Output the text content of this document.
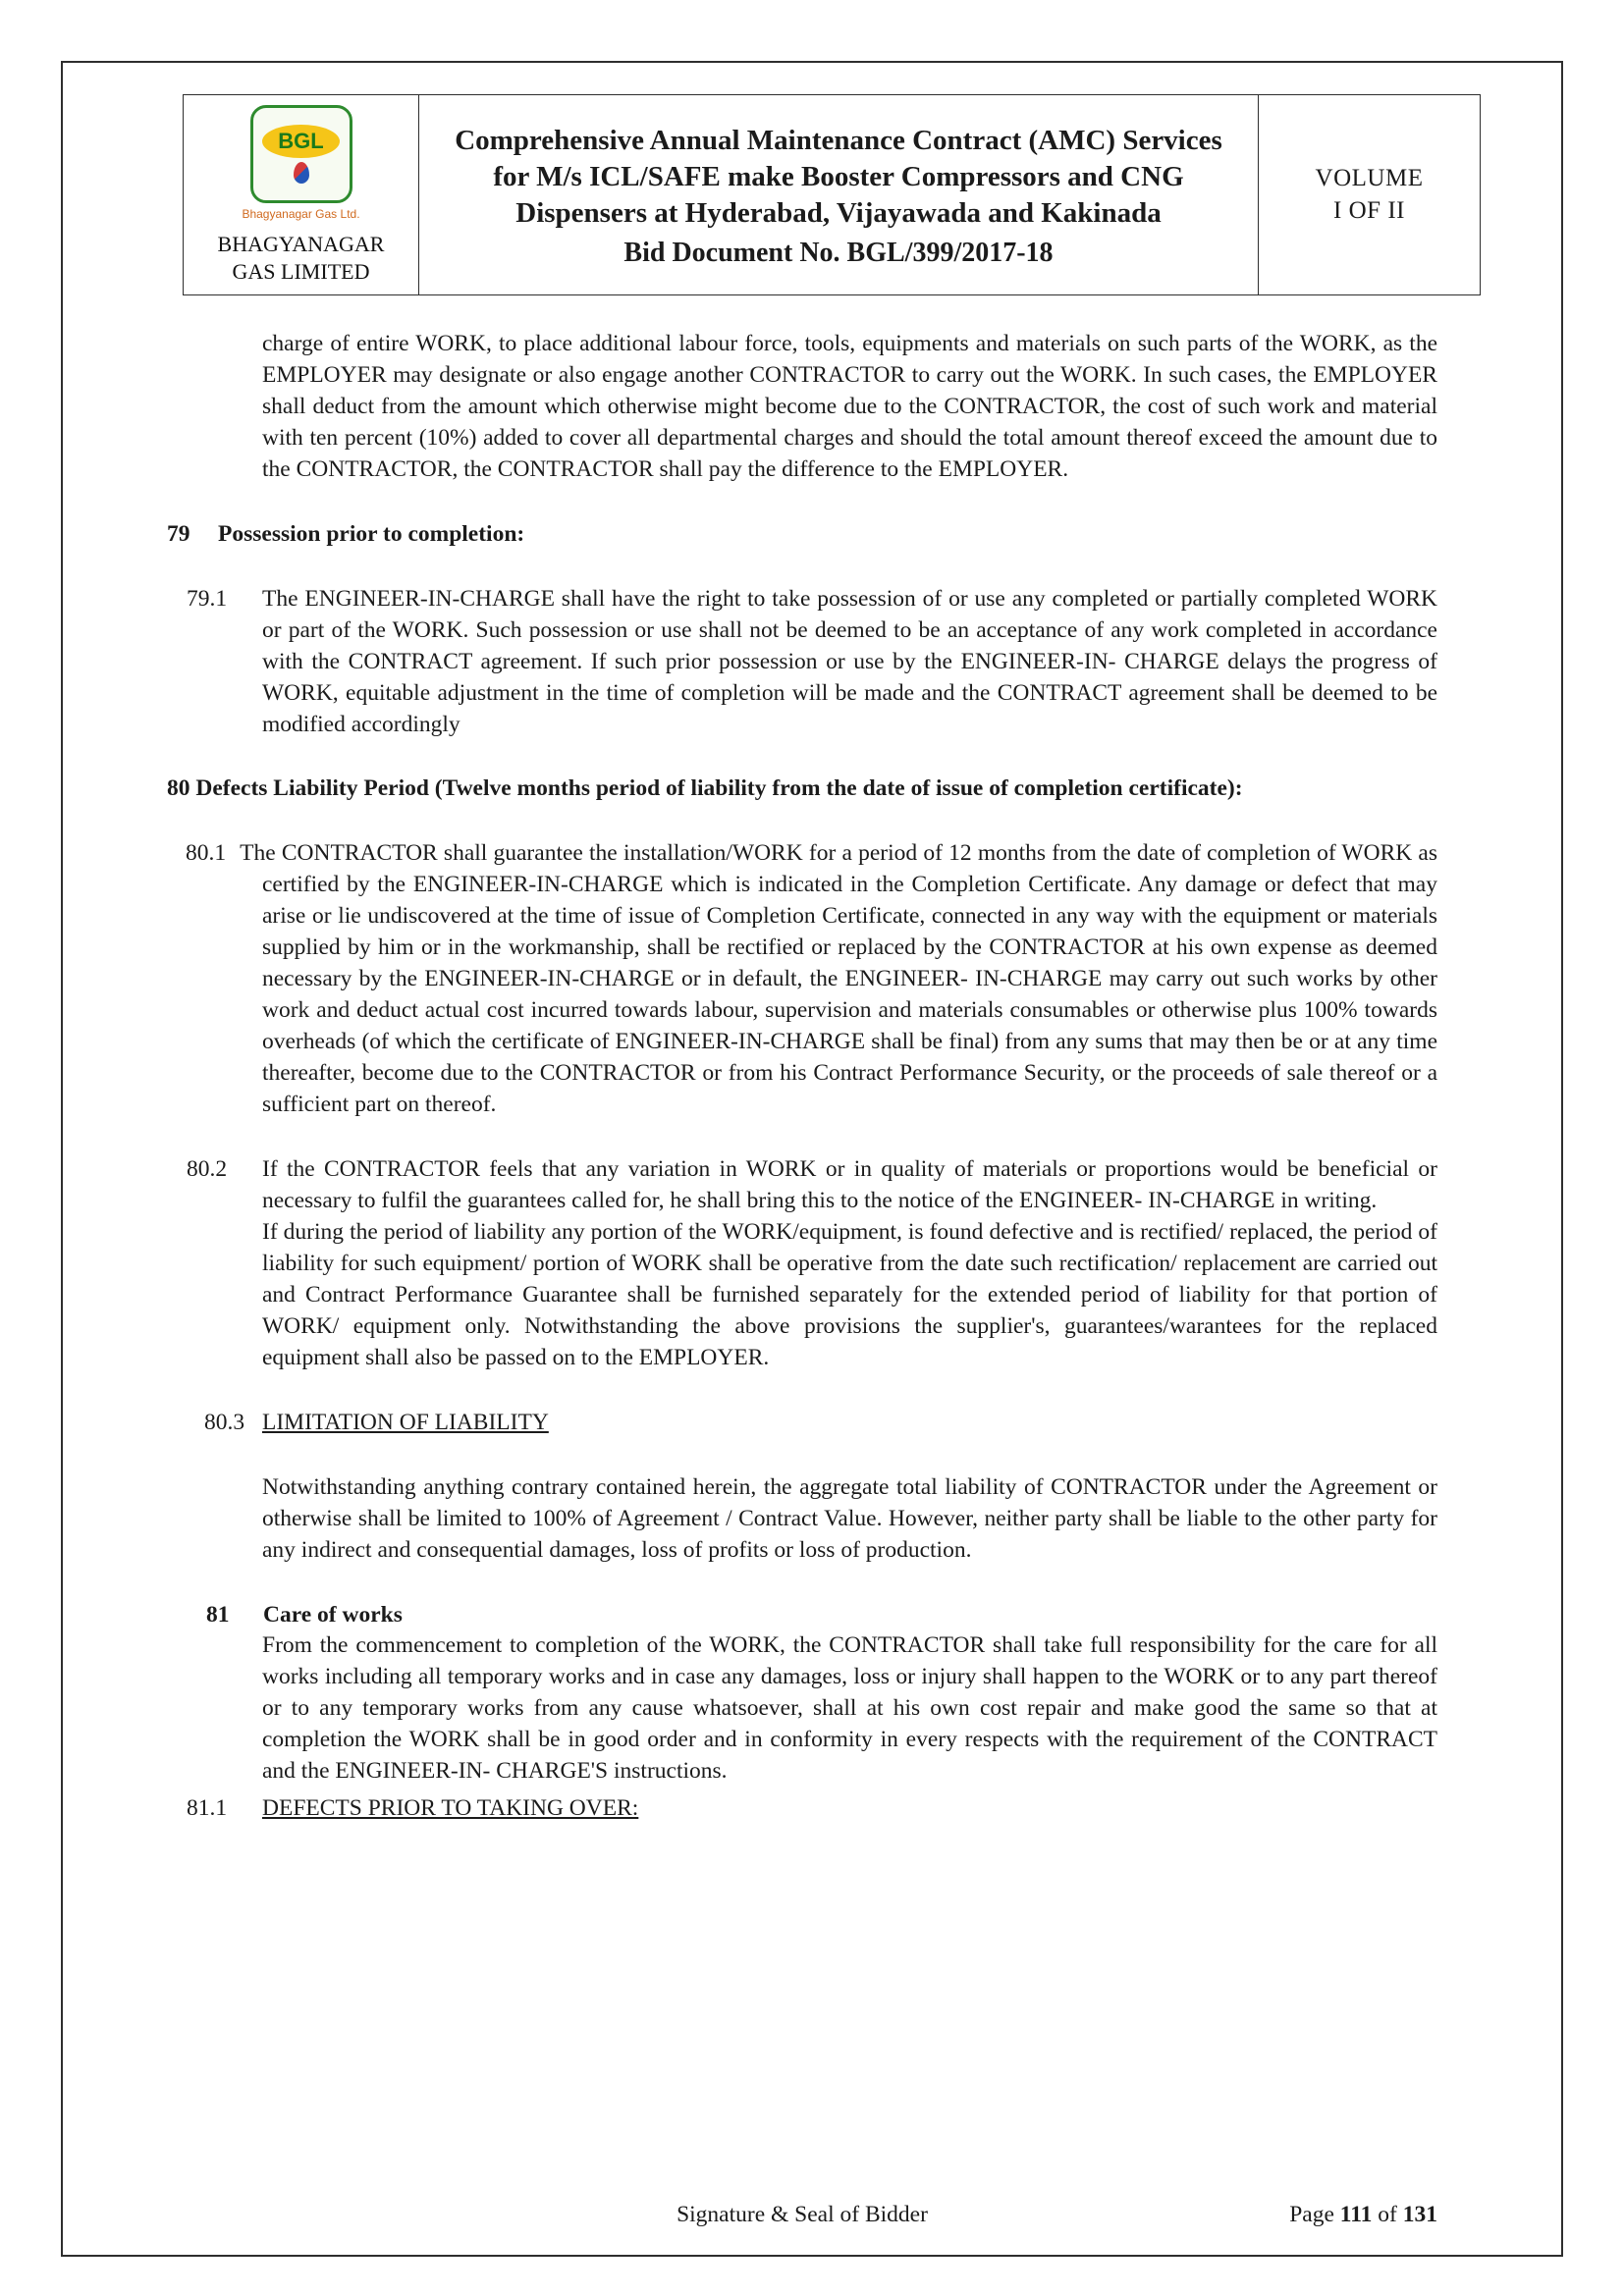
BGL
Bhagyanagar Gas Ltd.
BHAGYANAGAR
GAS LIMITED
Comprehensive Annual Maintenance Contract (AMC) Services for M/s ICL/SAFE make Booster Compressors and CNG Dispensers at Hyderabad, Vijayawada and Kakinada
Bid Document No. BGL/399/2017-18
VOLUME
I OF II

charge of entire WORK, to place additional labour force, tools, equipments and materials on such parts of the WORK, as the EMPLOYER may designate or also engage another CONTRACTOR to carry out the WORK. In such cases, the EMPLOYER shall deduct from the amount which otherwise might become due to the CONTRACTOR, the cost of such work and material with ten percent (10%) added to cover all departmental charges and should the total amount thereof exceed the amount due to the CONTRACTOR, the CONTRACTOR shall pay the difference to the EMPLOYER.

79 Possession prior to completion:
79.1 The ENGINEER-IN-CHARGE shall have the right to take possession of or use any completed or partially completed WORK or part of the WORK. Such possession or use shall not be deemed to be an acceptance of any work completed in accordance with the CONTRACT agreement. If such prior possession or use by the ENGINEER-IN- CHARGE delays the progress of WORK, equitable adjustment in the time of completion will be made and the CONTRACT agreement shall be deemed to be modified accordingly

80 Defects Liability Period (Twelve months period of liability from the date of issue of completion certificate):

80.1 The CONTRACTOR shall guarantee the installation/WORK for a period of 12 months from the date of completion of WORK as certified by the ENGINEER-IN-CHARGE which is indicated in the Completion Certificate. Any damage or defect that may arise or lie undiscovered at the time of issue of Completion Certificate, connected in any way with the equipment or materials supplied by him or in the workmanship, shall be rectified or replaced by the CONTRACTOR at his own expense as deemed necessary by the ENGINEER-IN-CHARGE or in default, the ENGINEER- IN-CHARGE may carry out such works by other work and deduct actual cost incurred towards labour, supervision and materials consumables or otherwise plus 100% towards overheads (of which the certificate of ENGINEER-IN-CHARGE shall be final) from any sums that may then be or at any time thereafter, become due to the CONTRACTOR or from his Contract Performance Security, or the proceeds of sale thereof or a sufficient part on thereof.

80.2 If the CONTRACTOR feels that any variation in WORK or in quality of materials or proportions would be beneficial or necessary to fulfil the guarantees called for, he shall bring this to the notice of the ENGINEER- IN-CHARGE in writing.

If during the period of liability any portion of the WORK/equipment, is found defective and is rectified/ replaced, the period of liability for such equipment/ portion of WORK shall be operative from the date such rectification/ replacement are carried out and Contract Performance Guarantee shall be furnished separately for the extended period of liability for that portion of WORK/ equipment only. Notwithstanding the above provisions the supplier's, guarantees/warantees for the replaced equipment shall also be passed on to the EMPLOYER.

80.3 LIMITATION OF LIABILITY

Notwithstanding anything contrary contained herein, the aggregate total liability of CONTRACTOR under the Agreement or otherwise shall be limited to 100% of Agreement / Contract Value. However, neither party shall be liable to the other party for any indirect and consequential damages, loss of profits or loss of production.

81 Care of works

From the commencement to completion of the WORK, the CONTRACTOR shall take full responsibility for the care for all works including all temporary works and in case any damages, loss or injury shall happen to the WORK or to any part thereof or to any temporary works from any cause whatsoever, shall at his own cost repair and make good the same so that at completion the WORK shall be in good order and in conformity in every respects with the requirement of the CONTRACT and the ENGINEER-IN- CHARGE'S instructions.

81.1 DEFECTS PRIOR TO TAKING OVER:

Signature & Seal of Bidder	Page 111 of 131
